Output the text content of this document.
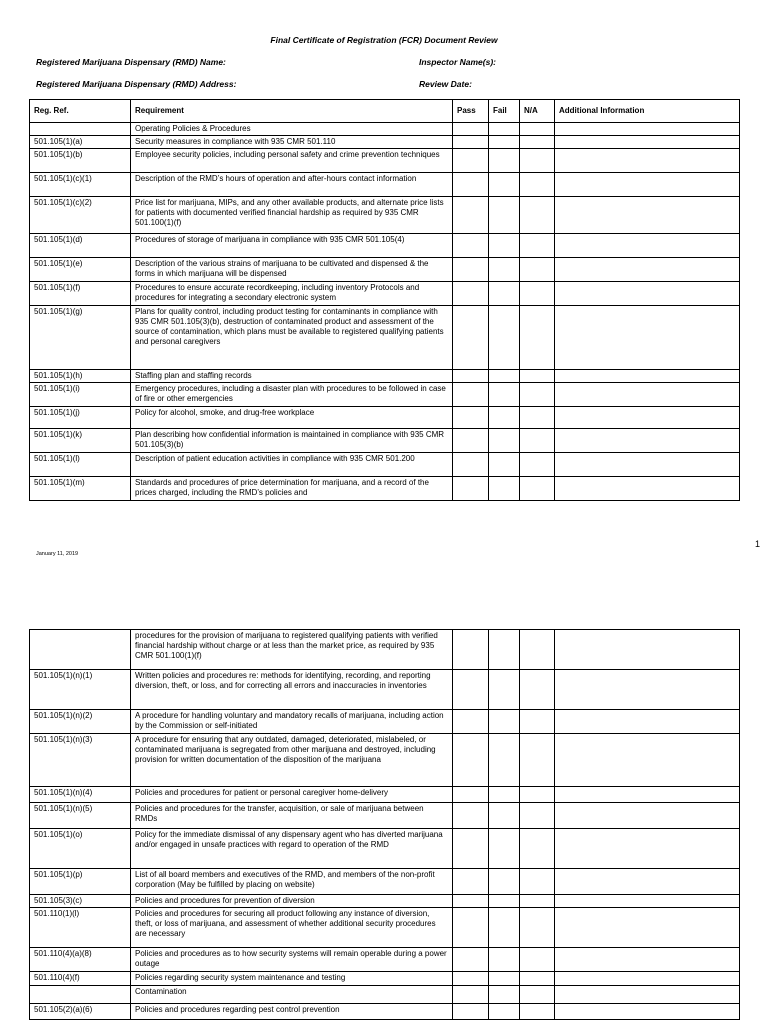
Final Certificate of Registration (FCR) Document Review
Registered Marijuana Dispensary (RMD) Name:	Inspector Name(s):
Registered Marijuana Dispensary (RMD) Address:	Review Date:
Reg. Ref.	Requirement	Pass	Fail	N/A	Additional Information
	Operating Policies & Procedures				
501.105(1)(a)	Security measures in compliance with 935 CMR 501.110				
501.105(1)(b)	Employee security policies, including personal safety and crime prevention techniques				
501.105(1)(c)(1)	Description of the RMD’s hours of operation and after-hours contact information				
501.105(1)(c)(2)	Price list for marijuana, MIPs, and any other available products, and alternate price lists for patients with documented verified financial hardship as required by 935 CMR 501.100(1)(f)				
501.105(1)(d)	Procedures of storage of marijuana in compliance with 935 CMR 501.105(4)				
501.105(1)(e)	Description of the various strains of marijuana to be cultivated and dispensed & the forms in which marijuana will be dispensed				
501.105(1)(f)	Procedures to ensure accurate recordkeeping, including inventory Protocols and procedures for integrating a secondary electronic system				
501.105(1)(g)	Plans for quality control, including product testing for contaminants in compliance with 935 CMR 501.105(3)(b), destruction of contaminated product and assessment of the source of contamination, which plans must be available to registered qualifying patients and personal caregivers				
501.105(1)(h)	Staffing plan and staffing records				
501.105(1)(i)	Emergency procedures, including a disaster plan with procedures to be followed in case of fire or other emergencies				
501.105(1)(j)	Policy for alcohol, smoke, and drug-free workplace				
501.105(1)(k)	Plan describing how confidential information is maintained in compliance with 935 CMR 501.105(3)(b)				
501.105(1)(l)	Description of patient education activities in compliance with 935 CMR 501.200				
501.105(1)(m)	Standards and procedures of price determination for marijuana, and a record of the prices charged, including the RMD’s policies and				
January 11, 2019
1
	procedures for the provision of marijuana to registered qualifying patients with verified financial hardship without charge or at less than the market price, as required by 935 CMR 501.100(1)(f)				
501.105(1)(n)(1)	Written policies and procedures re: methods for identifying, recording, and reporting diversion, theft, or loss, and for correcting all errors and inaccuracies in inventories				
501.105(1)(n)(2)	A procedure for handling voluntary and mandatory recalls of marijuana, including action by the Commission or self-initiated				
501.105(1)(n)(3)	A procedure for ensuring that any outdated, damaged, deteriorated, mislabeled, or contaminated marijuana is segregated from other marijuana and destroyed, including provision for written documentation of the disposition of the marijuana				
501.105(1)(n)(4)	Policies and procedures for patient or personal caregiver home-delivery				
501.105(1)(n)(5)	Policies and procedures for the transfer, acquisition, or sale of marijuana between RMDs				
501.105(1)(o)	Policy for the immediate dismissal of any dispensary agent who has diverted marijuana and/or engaged in unsafe practices with regard to operation of the RMD				
501.105(1)(p)	List of all board members and executives of the RMD, and members of the non-profit corporation (May be fulfilled by placing on website)				
501.105(3)(c)	Policies and procedures for prevention of diversion				
501.110(1)(l)	Policies and procedures for securing all product following any instance of diversion, theft, or loss of marijuana, and assessment of whether additional security procedures are necessary				
501.110(4)(a)(8)	Policies and procedures as to how security systems will remain operable during a power outage				
501.110(4)(f)	Policies regarding security system maintenance and testing				
	Contamination				
501.105(2)(a)(6)	Policies and procedures regarding pest control prevention				
